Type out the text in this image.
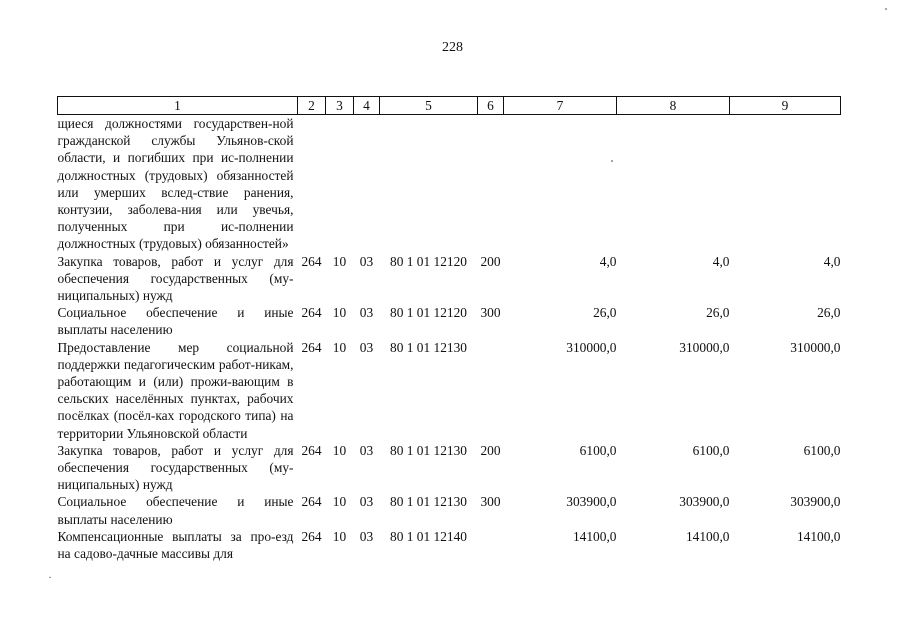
228
1	2	3	4	5	6	7	8	9
щиеся должностями государствен-ной гражданской службы Ульянов-ской области, и погибших при ис-полнении должностных (трудовых) обязанностей или умерших вслед-ствие ранения, контузии, заболева-ния или увечья, полученных при ис-полнении должностных (трудовых) обязанностей»								
Закупка товаров, работ и услуг для обеспечения государственных (му-ниципальных) нужд	264	10	03	80 1 01 12120	200	4,0	4,0	4,0
Социальное обеспечение и иные выплаты населению	264	10	03	80 1 01 12120	300	26,0	26,0	26,0
Предоставление мер социальной поддержки педагогическим работ-никам, работающим и (или) прожи-вающим в сельских населённых пунктах, рабочих посёлках (посёл-ках городского типа) на территории Ульяновской области	264	10	03	80 1 01 12130		310000,0	310000,0	310000,0
Закупка товаров, работ и услуг для обеспечения государственных (му-ниципальных) нужд	264	10	03	80 1 01 12130	200	6100,0	6100,0	6100,0
Социальное обеспечение и иные выплаты населению	264	10	03	80 1 01 12130	300	303900,0	303900,0	303900,0
Компенсационные выплаты за про-езд на садово-дачные массивы для	264	10	03	80 1 01 12140		14100,0	14100,0	14100,0
·
